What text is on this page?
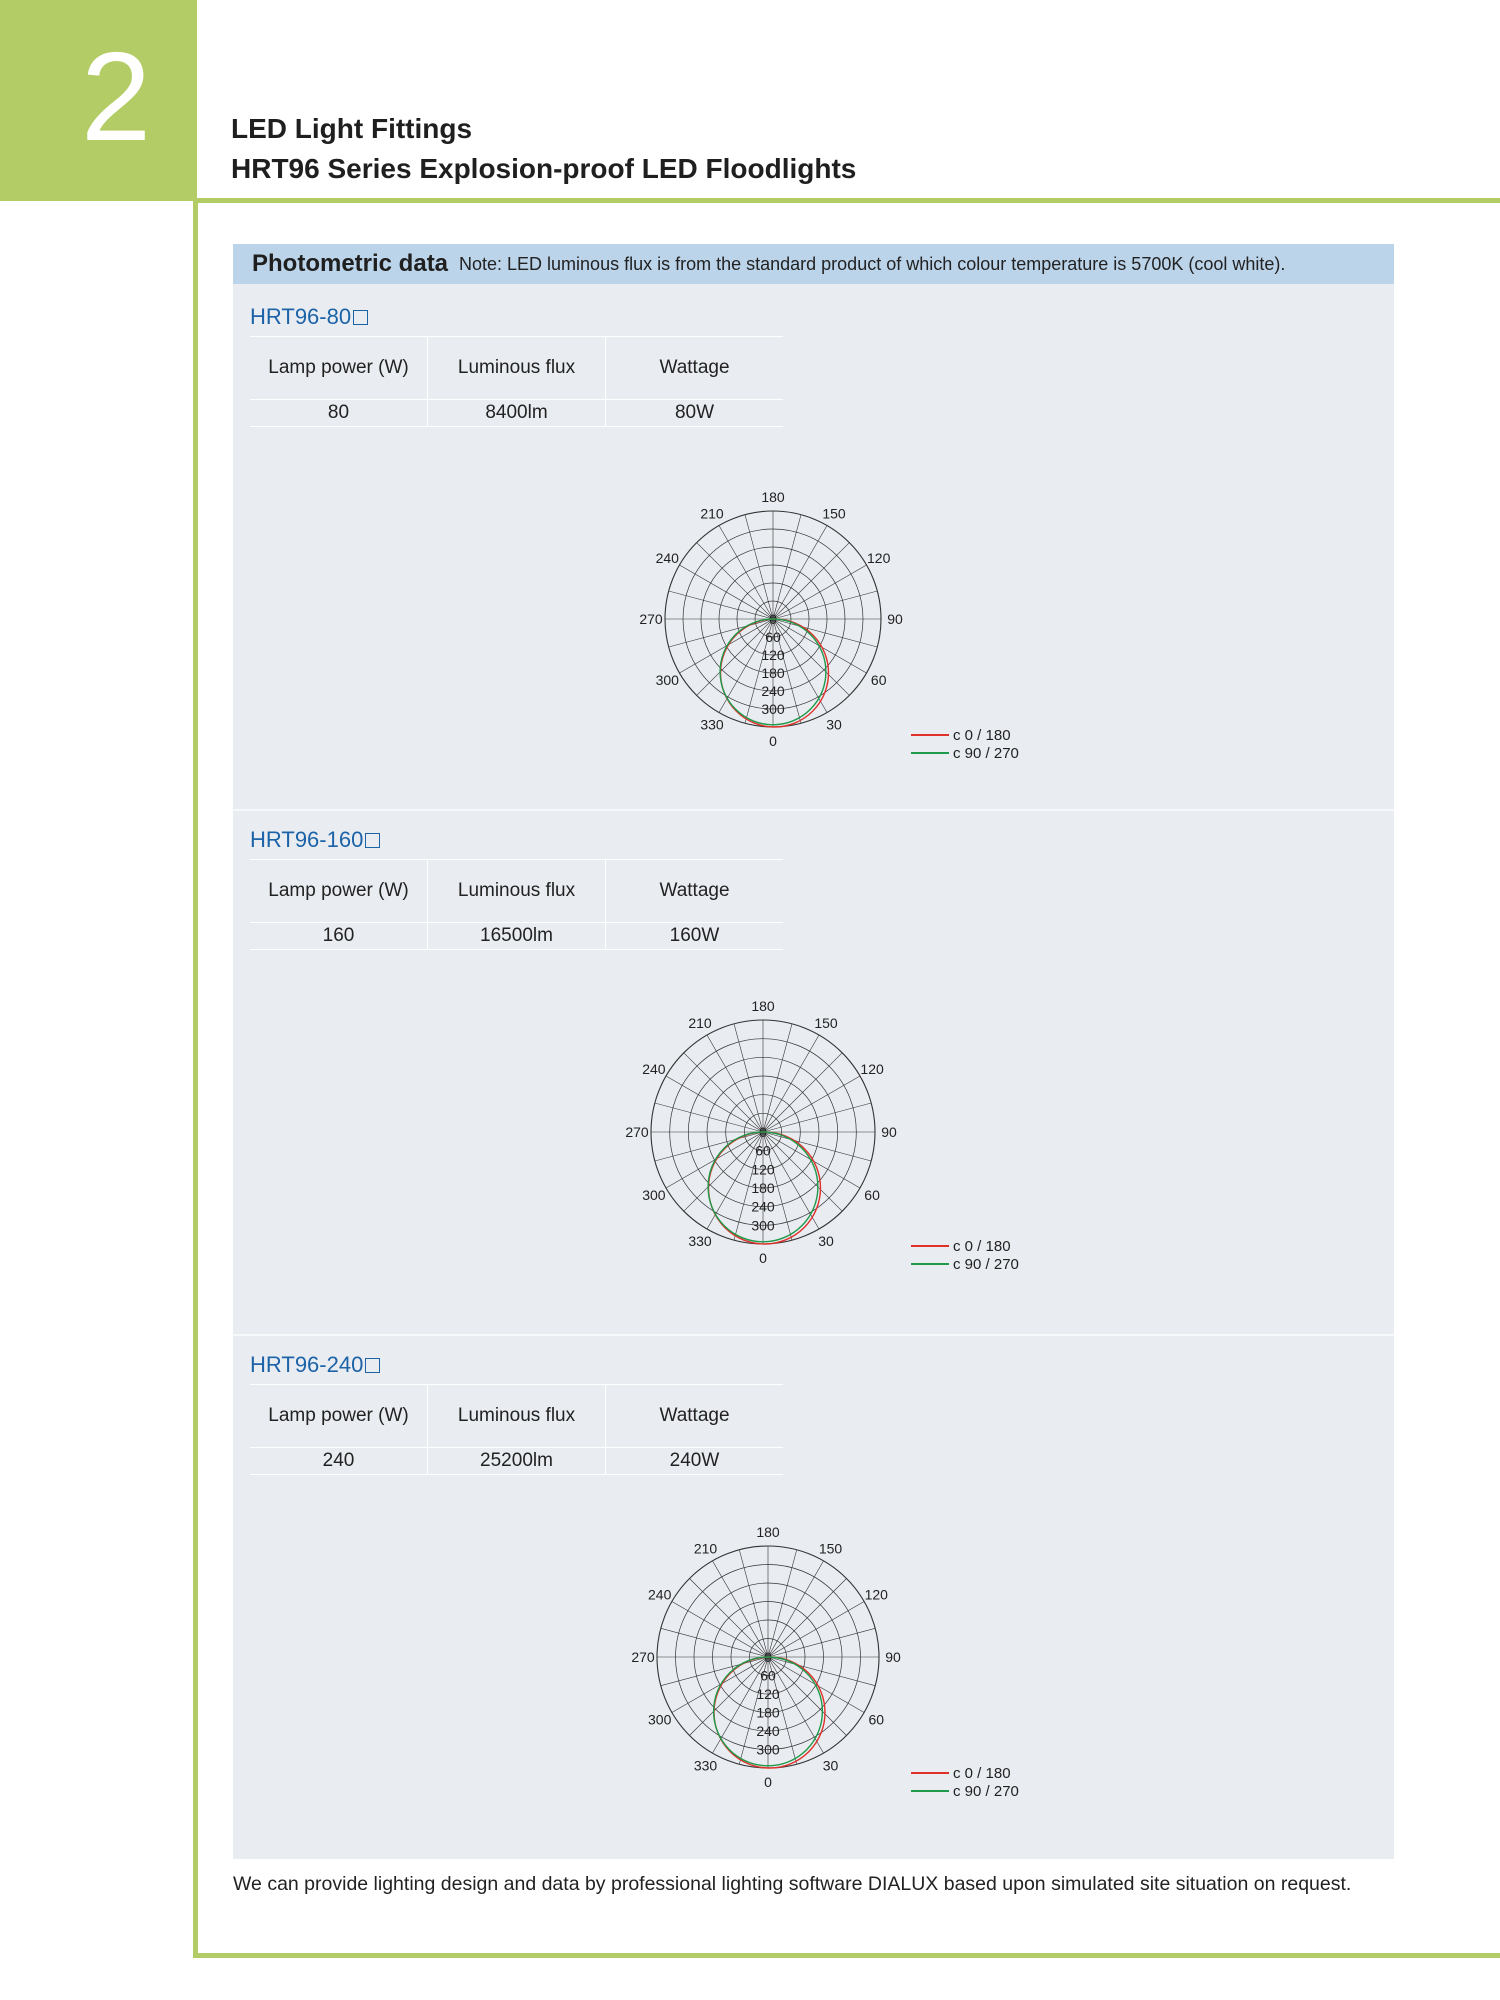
2	LED Light Fittings
HRT96 Series Explosion-proof LED Floodlights
Photometric data Note: LED luminous flux is from the standard product of which colour temperature is 5700K (cool white).
HRT96-80
Lamp power (W)	Luminous flux	Wattage
80	8400lm	80W
180
150
120
90
60
30
0
330
300
270
240
210
0
60
120
180
240
300
c 0 / 180
c 90 / 270
HRT96-160
Lamp power (W)	Luminous flux	Wattage
160	16500lm	160W
180
150
120
90
60
30
0
330
300
270
240
210
0
60
120
180
240
300
c 0 / 180
c 90 / 270
HRT96-240
Lamp power (W)	Luminous flux	Wattage
240	25200lm	240W
180
150
120
90
60
30
0
330
300
270
240
210
0
60
120
180
240
300
c 0 / 180
c 90 / 270
We can provide lighting design and data by professional lighting software DIALUX based upon simulated site situation on request.
